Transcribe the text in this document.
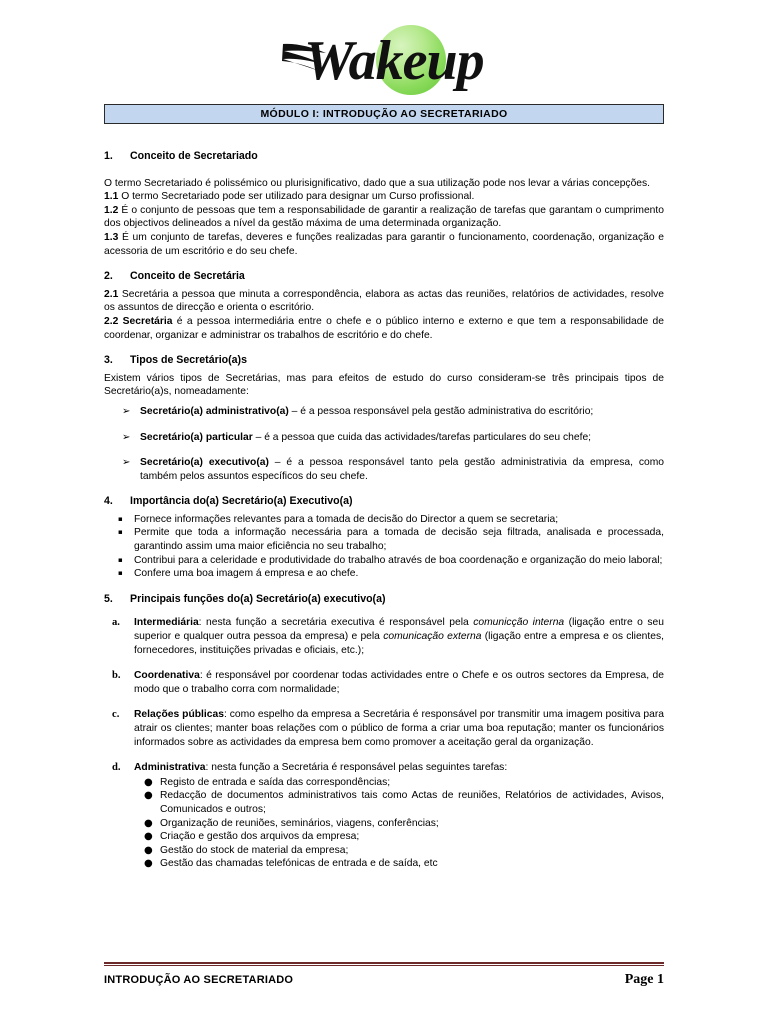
Wakeup
MÓDULO I: INTRODUÇÃO AO SECRETARIADO
1.	Conceito de Secretariado

O termo Secretariado é polissémico ou plurisignificativo, dado que a sua utilização pode nos levar a várias concepções.

1.1 O termo Secretariado pode ser utilizado para designar um Curso profissional.

1.2 É o conjunto de pessoas que tem a responsabilidade de garantir a realização de tarefas que garantam o cumprimento dos objectivos delineados a nível da gestão máxima de uma determinada organização.

1.3 É um conjunto de tarefas, deveres e funções realizadas para garantir o funcionamento, coordenação, organização e acessoria de um escritório e do seu chefe.

2.	Conceito de Secretária

2.1 Secretária a pessoa que minuta a correspondência, elabora as actas das reuniões, relatórios de actividades, resolve os assuntos de direcção e orienta o escritório.

2.2 Secretária é a pessoa intermediária entre o chefe e o público interno e externo e que tem a responsabilidade de coordenar, organizar e administrar os trabalhos de escritório e do chefe.

3.	Tipos de Secretário(a)s

Existem vários tipos de Secretárias, mas para efeitos de estudo do curso consideram-se três principais tipos de Secretário(a)s, nomeadamente:

➢ Secretário(a) administrativo(a) – é a pessoa responsável pela gestão administrativa do escritório;
➢ Secretário(a) particular – é a pessoa que cuida das actividades/tarefas particulares do seu chefe;
➢ Secretário(a) executivo(a) – é a pessoa responsável tanto pela gestão administrativia da empresa, como também pelos assuntos específicos do seu chefe.
4.	Importância do(a) Secretário(a) Executivo(a)
▪	Fornece informações relevantes para a tomada de decisão do Director a quem se secretaria;
▪	Permite que toda a informação necessária para a tomada de decisão seja filtrada, analisada e processada, garantindo assim uma maior eficiência no seu trabalho;
▪	Contribui para a celeridade e produtividade do trabalho através de boa coordenação e organização do meio laboral;
▪	Confere uma boa imagem á empresa e ao chefe.
5.	Principais funções do(a) Secretário(a) executivo(a)
a.	Intermediária: nesta função a secretária executiva é responsável pela comunicção interna (ligação entre o seu superior e qualquer outra pessoa da empresa) e pela comunicação externa (ligação entre a empresa e os clientes, fornecedores, instituições privadas e oficiais, etc.);
b.	Coordenativa: é responsável por coordenar todas actividades entre o Chefe e os outros sectores da Empresa, de modo que o trabalho corra com normalidade;
c.	Relações públicas: como espelho da empresa a Secretária é responsável por transmitir uma imagem positiva para atrair os clientes; manter boas relações com o público de forma a criar uma boa reputação; manter os funcionários informados sobre as actividades da empresa bem como promover a aceitação geral da organização.
d.	Administrativa: nesta função a Secretária é responsável pelas seguintes tarefas:
● Registo de entrada e saída das correspondências;
● Redacção de documentos administrativos tais como Actas de reuniões, Relatórios de actividades, Avisos, Comunicados e outros;
● Organização de reuniões, seminários, viagens, conferências;
● Criação e gestão dos arquivos da empresa;
● Gestão do stock de material da empresa;
● Gestão das chamadas telefónicas de entrada e de saída, etc
INTRODUÇÃO AO SECRETARIADO	Page 1
